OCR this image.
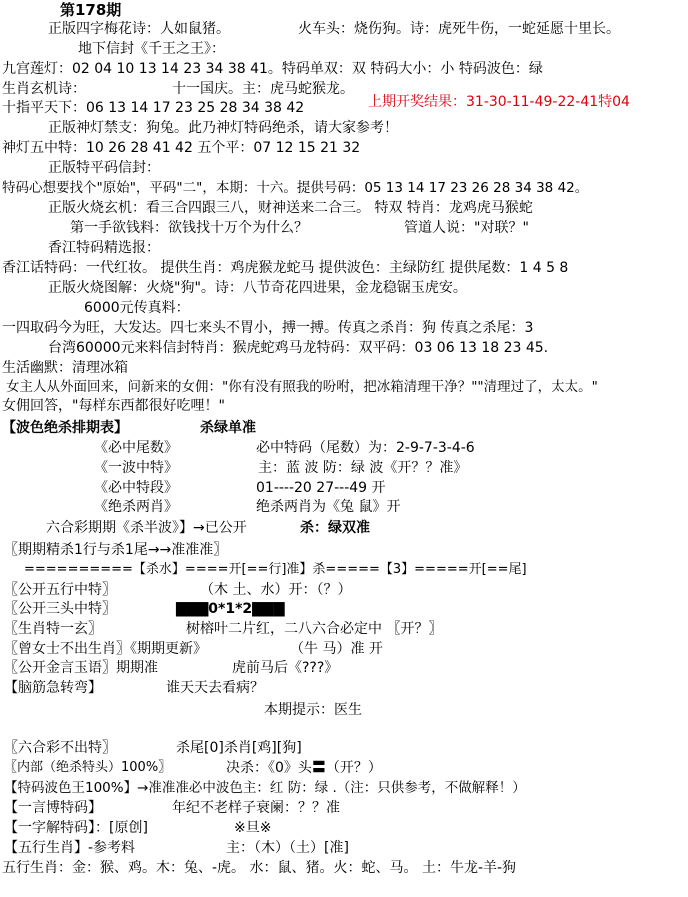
第178期
正版四字梅花诗：人如鼠猪。	火车头：烧伤狗。诗：虎死牛伤，一蛇延愿十里长。
地下信封《千王之王》：
九宫莲灯：02 04 10 13 14 23 34 38 41。特码单双：双 特码大小：小 特码波色：绿
生肖玄机诗：	十一国庆。主：虎马蛇猴龙。
十指平天下：06 13 14 17 23 25 28 34 38 42	上期开奖结果：31-30-11-49-22-41特04
正版神灯禁支：狗兔。此乃神灯特码绝杀，请大家参考！
神灯五中特：10 26 28 41 42 五个平：07 12 15 21 32
正版特平码信封：
特码心想要找个"原始"，平码"二"，本期：十六。提供号码：05 13 14 17 23 26 28 34 38 42。
正版火烧玄机：看三合四跟三八，财神送来二合三。 特双 特肖：龙鸡虎马猴蛇
第一手欲钱料：欲钱找十万个为什么？	管道人说："对联？"
香江特码精选报：
香江话特码：一代红妆。 提供生肖：鸡虎猴龙蛇马 提供波色：主绿防红 提供尾数：1 4 5 8
正版火烧图解：火烧"狗"。诗：八节奇花四进果，金龙稳锯玉虎安。
6000元传真料：
一四取码今为旺，大发达。四七来头不胃小，搏一搏。传真之杀肖：狗 传真之杀尾：3
台湾60000元来料信封特肖：猴虎蛇鸡马龙特码：双平码：03 06 13 18 23 45.
生活幽默：清理冰箱
女主人从外面回来，问新来的女佣："你有没有照我的吩咐，把冰箱清理干净？""清理过了，太太。"
女佣回答，"每样东西都很好吃哩！"
【波色绝杀排期表】	杀绿单准
《必中尾数》	必中特码（尾数）为：2-9-7-3-4-6
《一波中特》	主：蓝 波 防：绿 波《开？？准》
《必中特段》	01----20 27---49 开
《绝杀两肖》	绝杀两肖为《兔 鼠》开
六合彩期期《杀半波》】→已公开	杀：绿双准
〖期期精杀1行与杀1尾→→准准准〗
==========【杀水】====开[==行]准】杀=====【3】=====开[==尾]
〖公开五行中特〗	（木 土、水）开：（？）
〖公开三头中特〗	▇▇▇0*1*2▇▇▇
〖生肖特一玄〗	树榕叶二片红，二八六合必定中 〖开？〗
〖曾女士不出生肖〗《期期更新》	（牛 马）准 开
〖公开金言玉语〗期期准	虎前马后《???》
【脑筋急转弯】	谁天天去看病？
本期提示：医生
〖六合彩不出特〗	杀尾[0]杀肖[鸡][狗]
〖内部（绝杀特头）100%〗	决杀：《0》头〓（开？）
【特码波色王100%】→准准准必中波色主：红 防：绿 .（注：只供参考，不做解释！）
【一言博特码】	年纪不老样子衰阑：？？准
【一字解特码】：[原创]	※旦※
【五行生肖】-参考料	主：（木）（土）[准]
五行生肖：金：猴、鸡。木：兔、-虎。 水：鼠、猪。火：蛇、马。 土：牛龙-羊-狗
